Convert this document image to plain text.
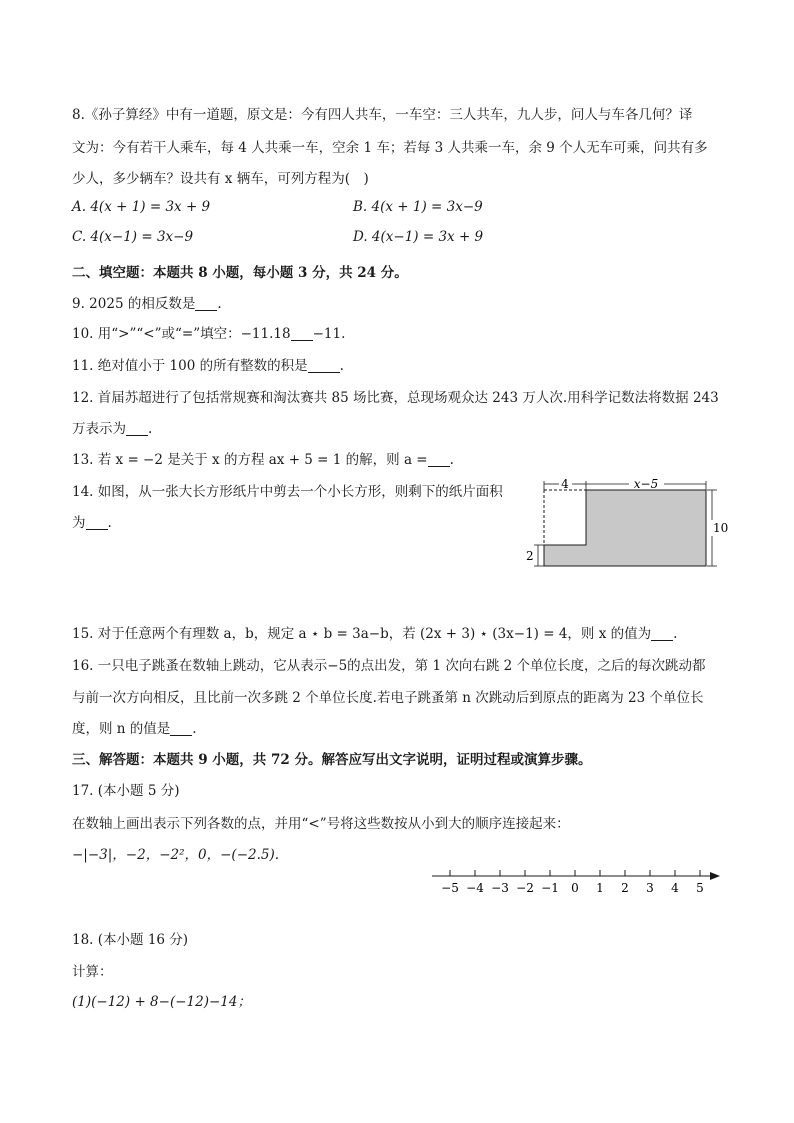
8.《孙子算经》中有一道题，原文是：今有四人共车，一车空：三人共车，九人步，问人与车各几何？译
文为：今有若干人乘车，每 4 人共乘一车，空余 1 车；若每 3 人共乘一车，余 9 个人无车可乘，问共有多
少人，多少辆车？设共有 x 辆车，可列方程为(　)
A. 4(x + 1) = 3x + 9	B. 4(x + 1) = 3x−9
C. 4(x−1) = 3x−9	D. 4(x−1) = 3x + 9
二、填空题：本题共 8 小题，每小题 3 分，共 24 分。
9. 2025 的相反数是 .
10. 用“>”“<”或“=”填空：−11.18 −11.
11. 绝对值小于 100 的所有整数的积是 .
12. 首届苏超进行了包括常规赛和淘汰赛共 85 场比赛，总现场观众达 243 万人次.用科学记数法将数据 243
万表示为 .
13. 若 x = −2 是关于 x 的方程 ax + 5 = 1 的解，则 a = .
14. 如图，从一张大长方形纸片中剪去一个小长方形，则剩下的纸片面积
为 .
4	x−5
10
2
15. 对于任意两个有理数 a，b，规定 a ⋆ b = 3a−b，若 (2x + 3) ⋆ (3x−1) = 4，则 x 的值为 .
16. 一只电子跳蚤在数轴上跳动，它从表示−5的点出发，第 1 次向右跳 2 个单位长度，之后的每次跳动都
与前一次方向相反，且比前一次多跳 2 个单位长度.若电子跳蚤第 n 次跳动后到原点的距离为 23 个单位长
度，则 n 的值是 .
三、解答题：本题共 9 小题，共 72 分。解答应写出文字说明，证明过程或演算步骤。
17. (本小题 5 分)
在数轴上画出表示下列各数的点，并用“<”号将这些数按从小到大的顺序连接起来：
−|−3|，−2，−2²，0，−(−2.5).
−5 −4 −3 −2 −1 0 1 2 3 4 5
18. (本小题 16 分)
计算：
(1)(−12) + 8−(−12)−14；
